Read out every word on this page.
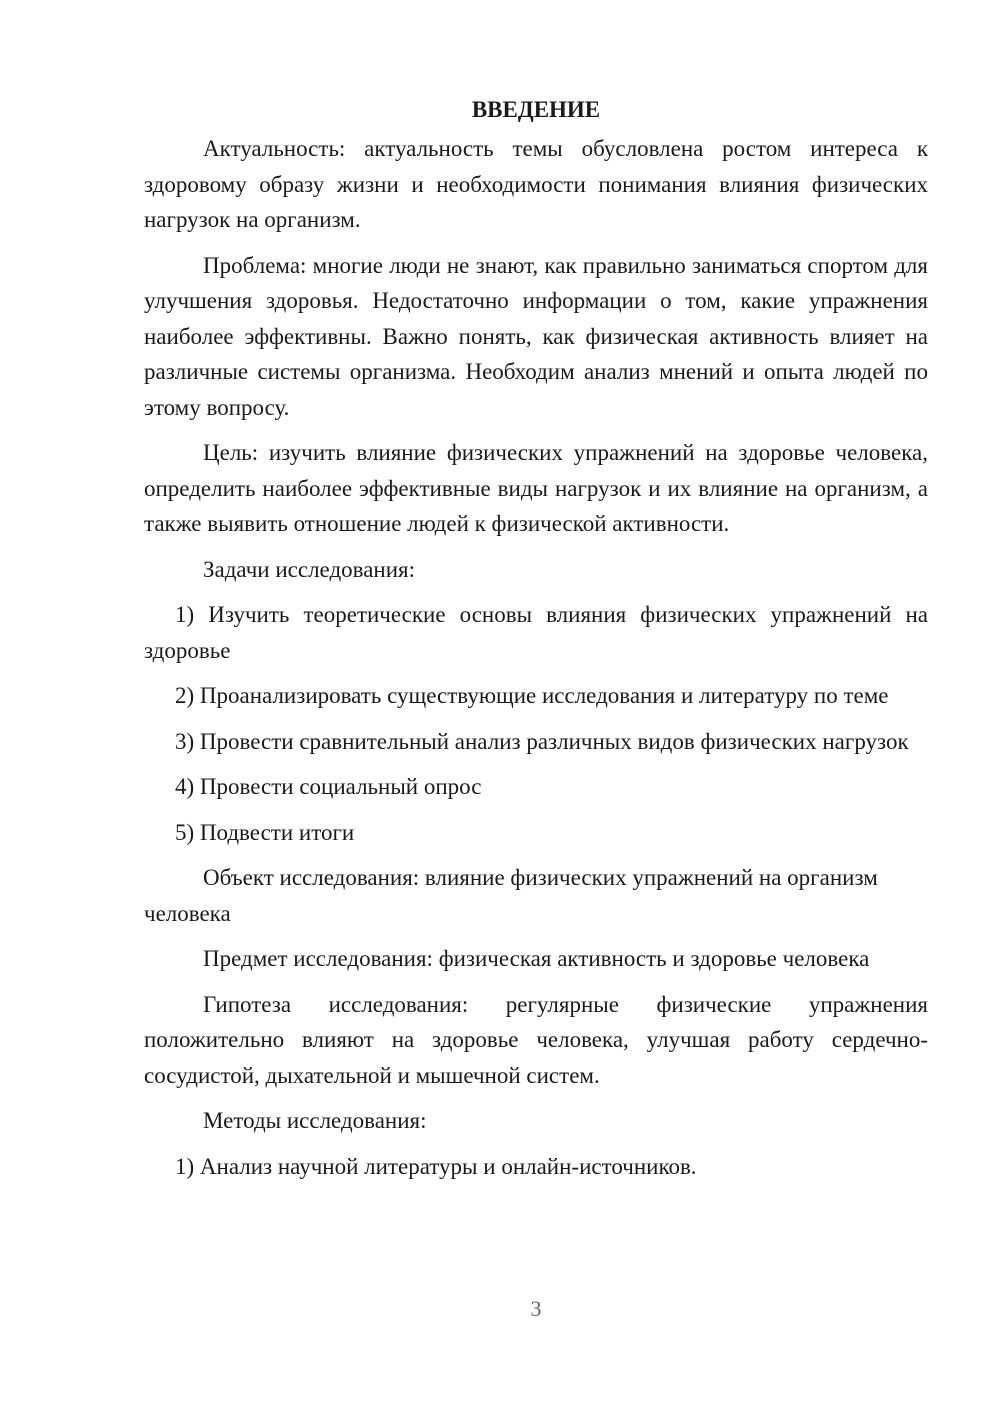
ВВЕДЕНИЕ

Актуальность: актуальность темы обусловлена ростом интереса к здоровому образу жизни и необходимости понимания влияния физических нагрузок на организм.

Проблема: многие люди не знают, как правильно заниматься спортом для улучшения здоровья. Недостаточно информации о том, какие упражнения наиболее эффективны. Важно понять, как физическая активность влияет на различные системы организма. Необходим анализ мнений и опыта людей по этому вопросу.

Цель: изучить влияние физических упражнений на здоровье человека, определить наиболее эффективные виды нагрузок и их влияние на организм, а также выявить отношение людей к физической активности.

Задачи исследования:

1) Изучить теоретические основы влияния физических упражнений на здоровье

2) Проанализировать существующие исследования и литературу по теме

3) Провести сравнительный анализ различных видов физических нагрузок

4) Провести социальный опрос

5) Подвести итоги

Объект исследования: влияние физических упражнений на организм человека

Предмет исследования: физическая активность и здоровье человека

Гипотеза исследования: регулярные физические упражнения положительно влияют на здоровье человека, улучшая работу сердечно-сосудистой, дыхательной и мышечной систем.

Методы исследования:

1) Анализ научной литературы и онлайн-источников.

3
